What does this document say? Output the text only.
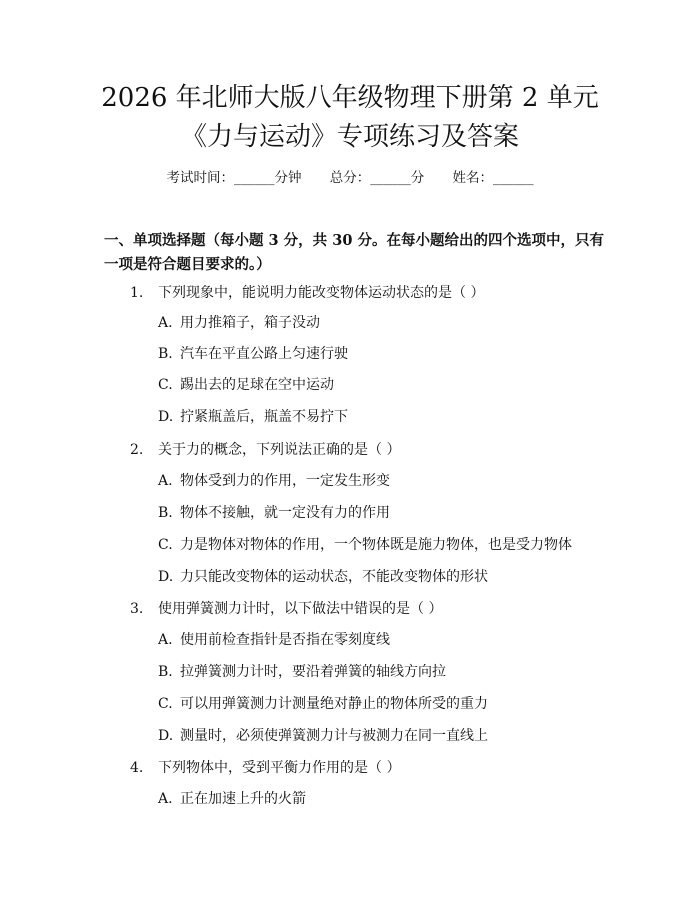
2026 年北师大版八年级物理下册第 2 单元
《力与运动》专项练习及答案
考试时间：______分钟 总分：______分 姓名：______

一、单项选择题（每小题 3 分，共 30 分。在每小题给出的四个选项中，只有一项是符合题目要求的。）

1. 下列现象中，能说明力能改变物体运动状态的是（ ）
A. 用力推箱子，箱子没动
B. 汽车在平直公路上匀速行驶
C. 踢出去的足球在空中运动
D. 拧紧瓶盖后，瓶盖不易拧下
2. 关于力的概念，下列说法正确的是（ ）
A. 物体受到力的作用，一定发生形变
B. 物体不接触，就一定没有力的作用
C. 力是物体对物体的作用，一个物体既是施力物体，也是受力物体
D. 力只能改变物体的运动状态，不能改变物体的形状
3. 使用弹簧测力计时，以下做法中错误的是（ ）
A. 使用前检查指针是否指在零刻度线
B. 拉弹簧测力计时，要沿着弹簧的轴线方向拉
C. 可以用弹簧测力计测量绝对静止的物体所受的重力
D. 测量时，必须使弹簧测力计与被测力在同一直线上
4. 下列物体中，受到平衡力作用的是（ ）
A. 正在加速上升的火箭
